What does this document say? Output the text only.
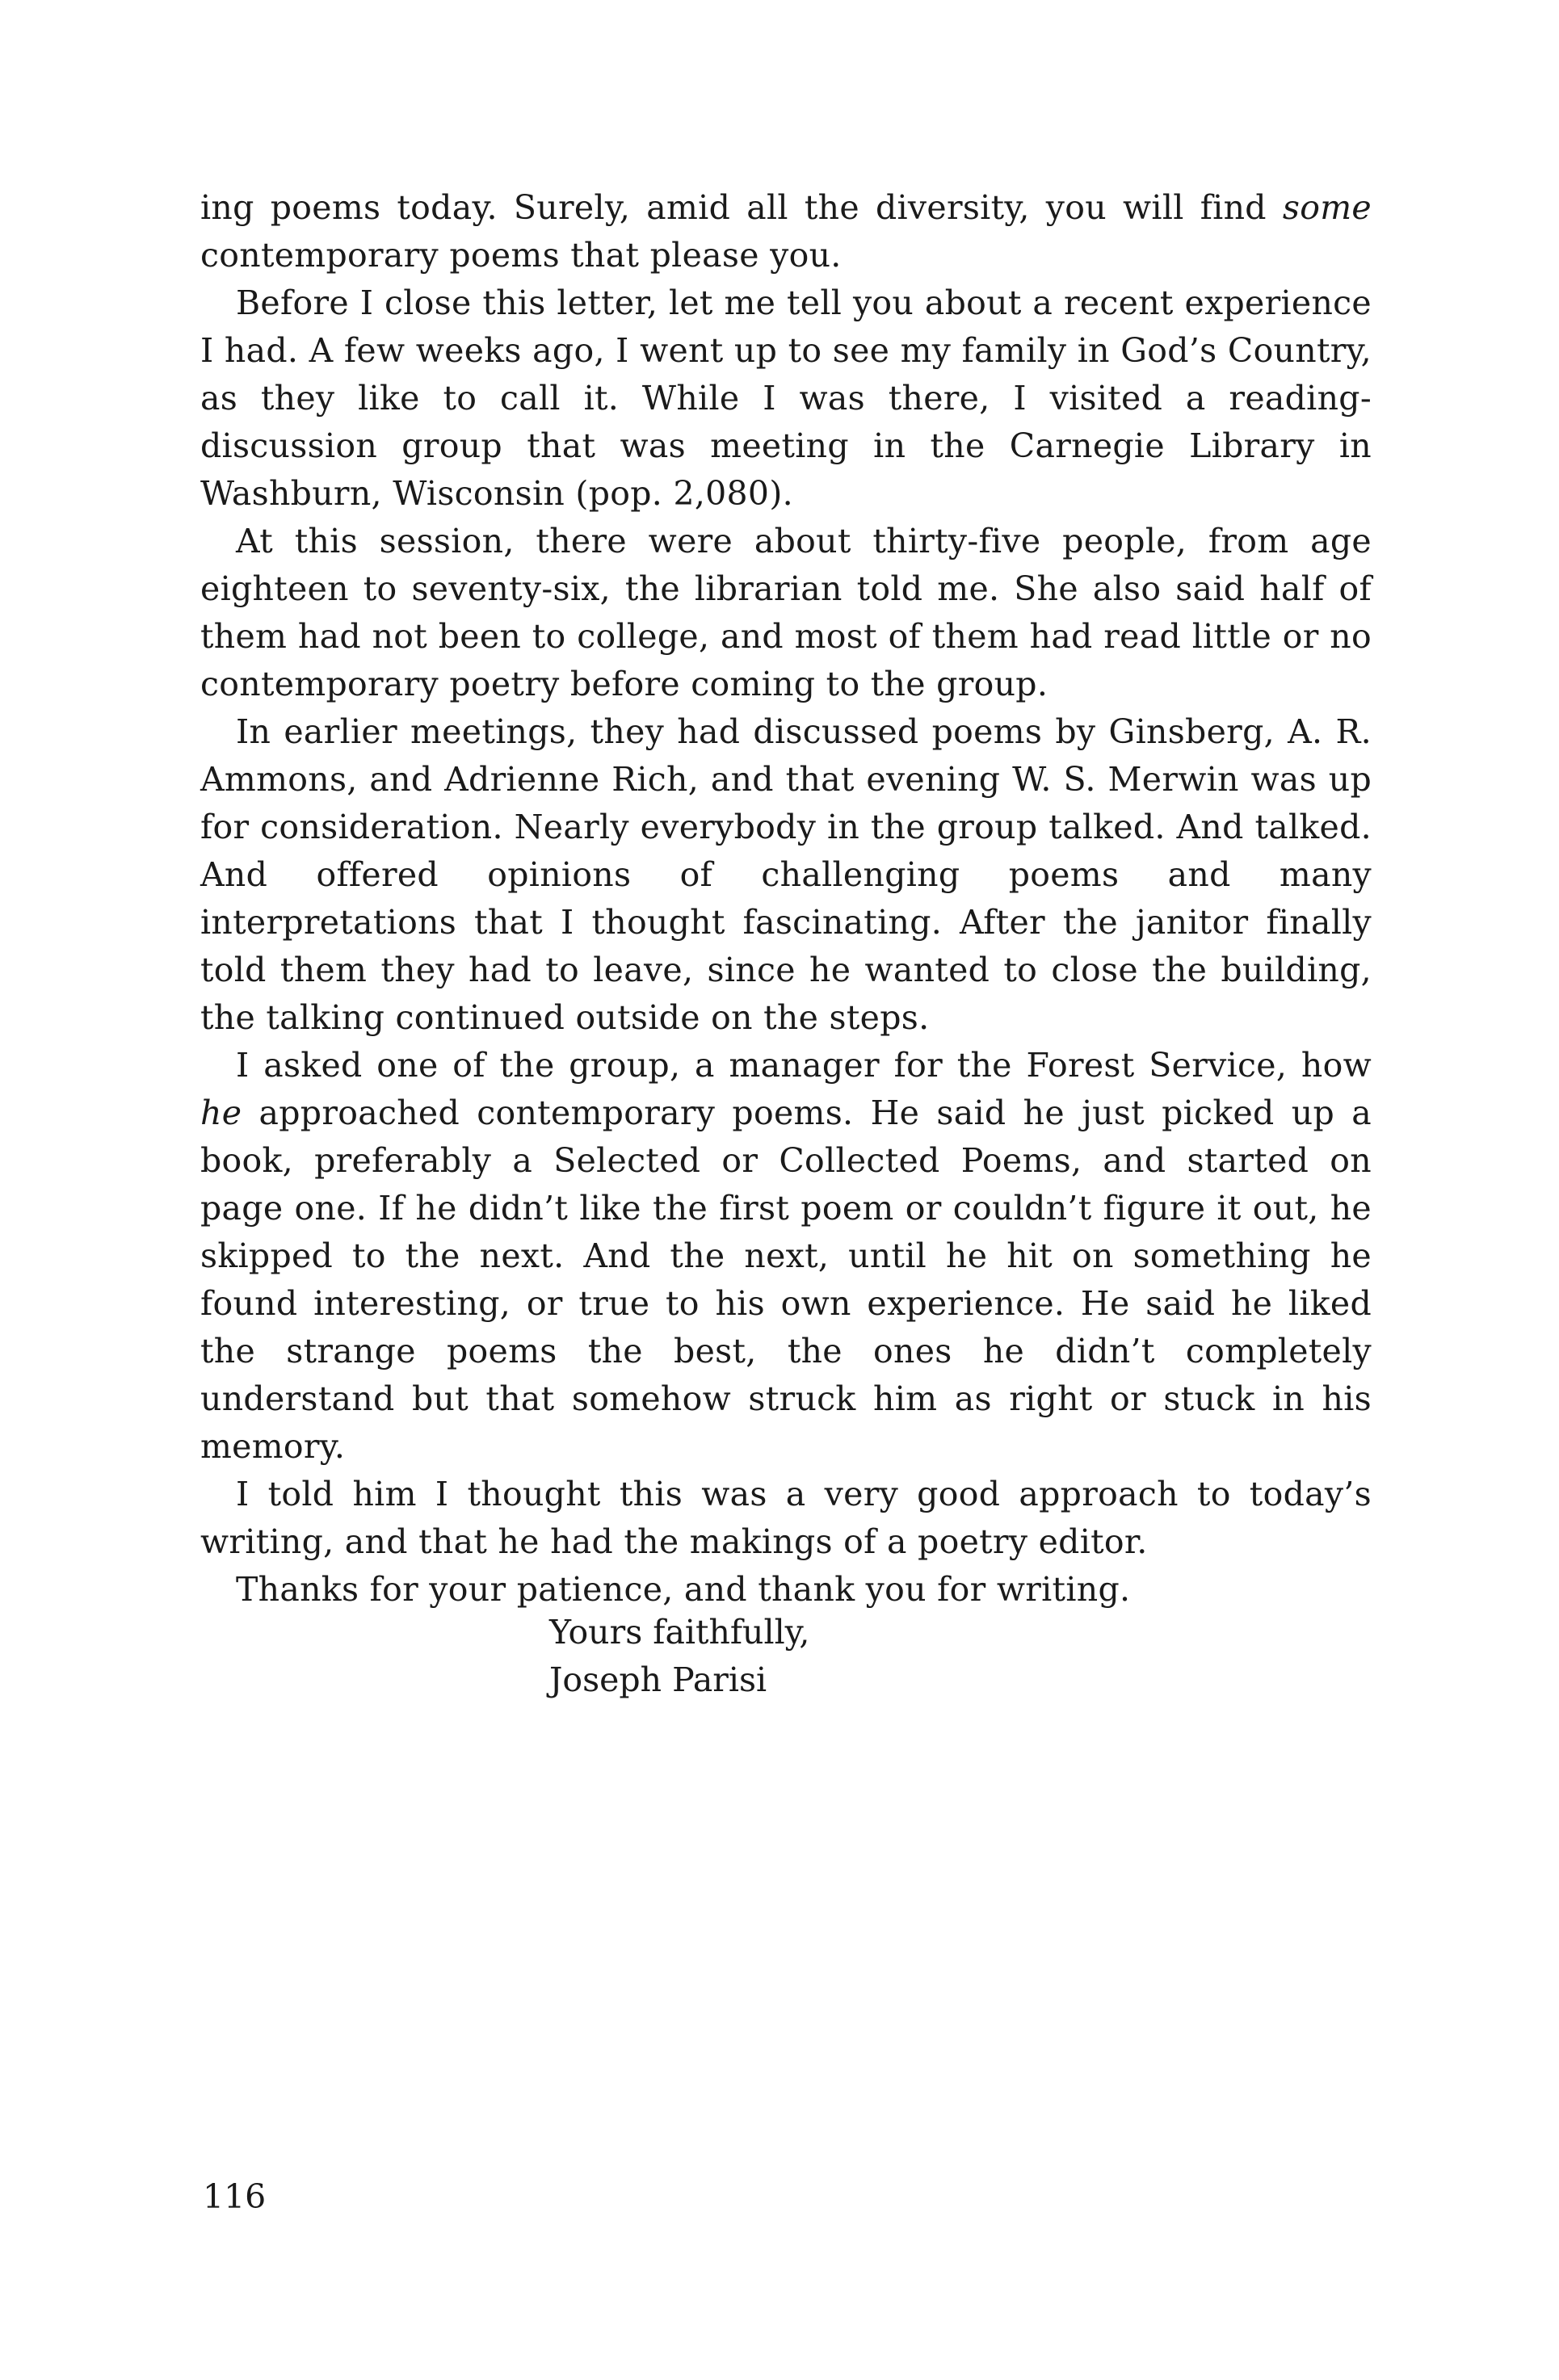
ing poems today. Surely, amid all the diversity, you will find some contemporary poems that please you.

Before I close this letter, let me tell you about a recent experience I had. A few weeks ago, I went up to see my family in God’s Country, as they like to call it. While I was there, I visited a reading-discussion group that was meeting in the Carnegie Library in Washburn, Wisconsin (pop. 2,080).

At this session, there were about thirty-five people, from age eighteen to seventy-six, the librarian told me. She also said half of them had not been to college, and most of them had read little or no contemporary poetry before coming to the group.

In earlier meetings, they had discussed poems by Ginsberg, A. R. Ammons, and Adrienne Rich, and that evening W. S. Merwin was up for consideration. Nearly everybody in the group talked. And talked. And offered opinions of challenging poems and many interpretations that I thought fascinating. After the janitor finally told them they had to leave, since he wanted to close the building, the talking continued outside on the steps.

I asked one of the group, a manager for the Forest Service, how he approached contemporary poems. He said he just picked up a book, preferably a Selected or Collected Poems, and started on page one. If he didn’t like the first poem or couldn’t figure it out, he skipped to the next. And the next, until he hit on something he found interesting, or true to his own experience. He said he liked the strange poems the best, the ones he didn’t completely understand but that somehow struck him as right or stuck in his memory.

I told him I thought this was a very good approach to today’s writing, and that he had the makings of a poetry editor.

Thanks for your patience, and thank you for writing.

Yours faithfully,
Joseph Parisi
116
